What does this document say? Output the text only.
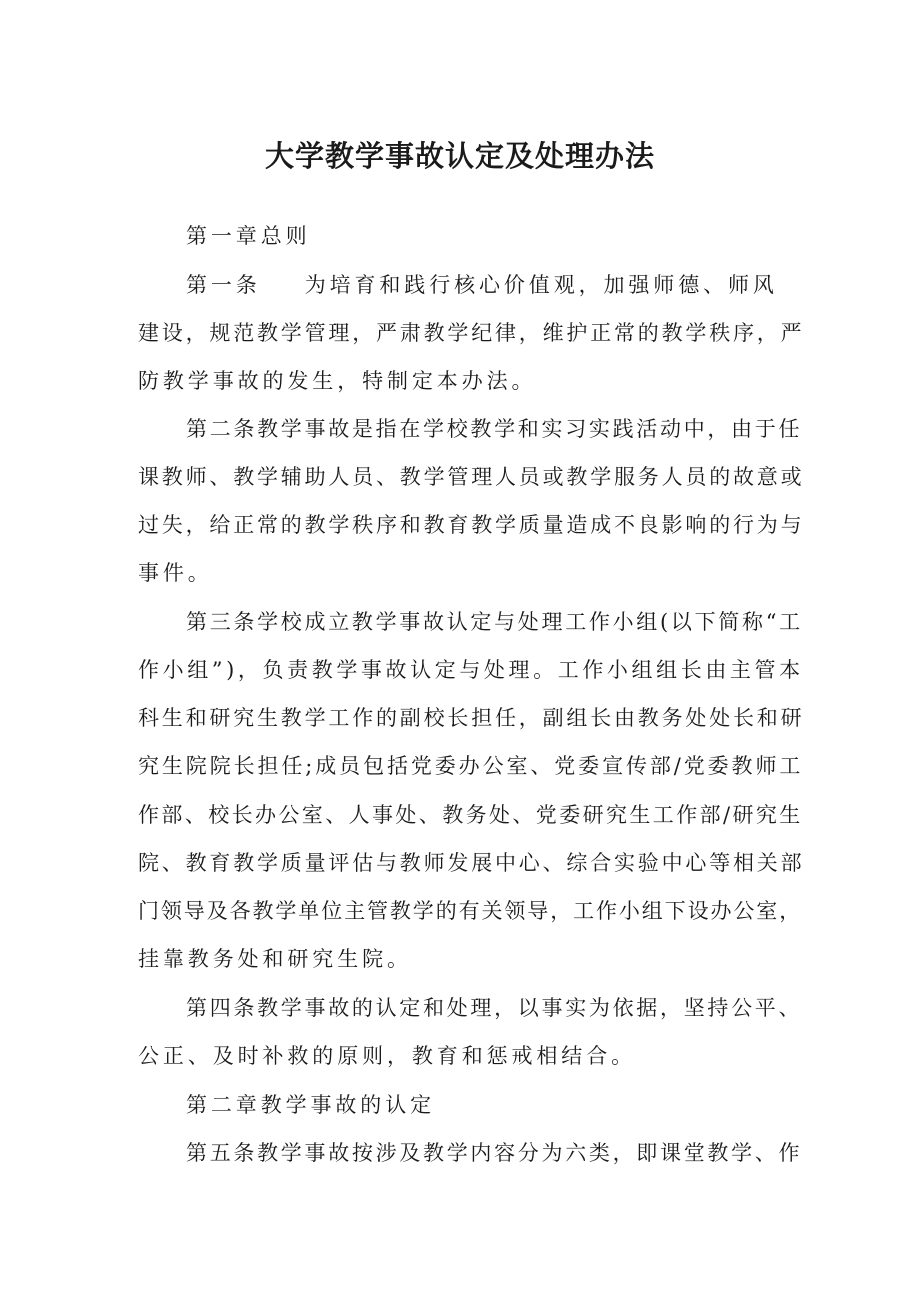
大学教学事故认定及处理办法
第一章总则
第一条 为培育和践行核心价值观，加强师德、师风
建设，规范教学管理，严肃教学纪律，维护正常的教学秩序，严
防教学事故的发生，特制定本办法。
第二条教学事故是指在学校教学和实习实践活动中，由于任
课教师、教学辅助人员、教学管理人员或教学服务人员的故意或
过失，给正常的教学秩序和教育教学质量造成不良影响的行为与
事件。
第三条学校成立教学事故认定与处理工作小组(以下简称“工
作小组”)，负责教学事故认定与处理。工作小组组长由主管本
科生和研究生教学工作的副校长担任，副组长由教务处处长和研
究生院院长担任;成员包括党委办公室、党委宣传部/党委教师工
作部、校长办公室、人事处、教务处、党委研究生工作部/研究生
院、教育教学质量评估与教师发展中心、综合实验中心等相关部
门领导及各教学单位主管教学的有关领导，工作小组下设办公室，
挂靠教务处和研究生院。
第四条教学事故的认定和处理，以事实为依据，坚持公平、
公正、及时补救的原则，教育和惩戒相结合。
第二章教学事故的认定
第五条教学事故按涉及教学内容分为六类，即课堂教学、作
